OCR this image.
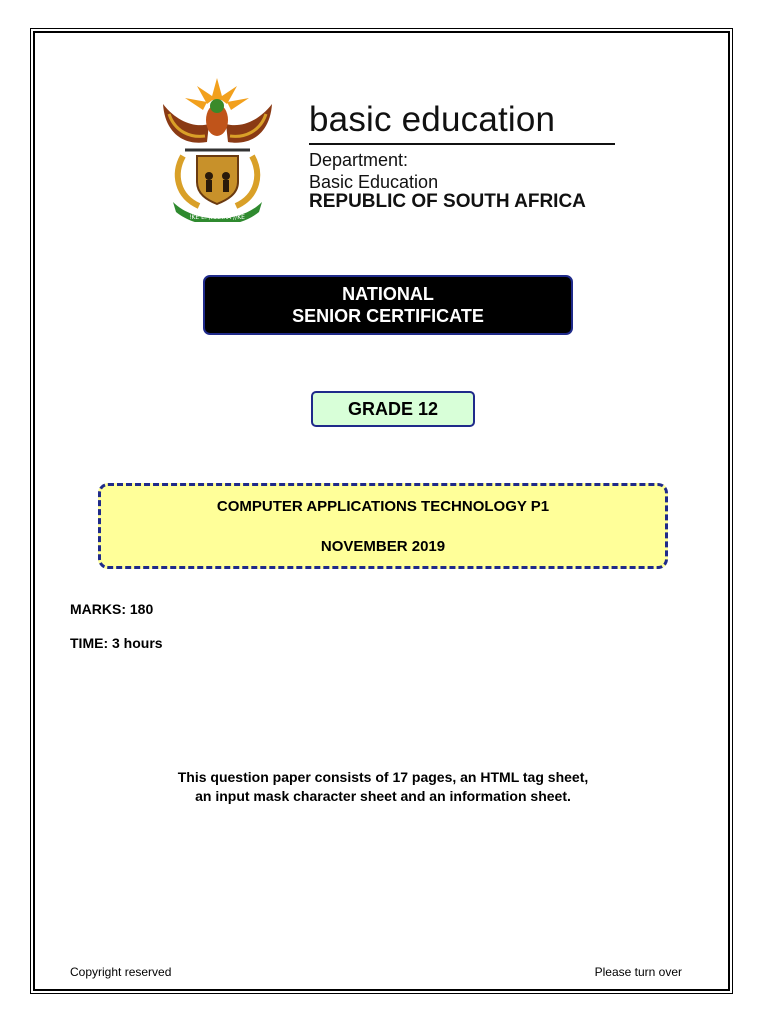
!KE E: /XARRA //KE
basic education
Department:
Basic Education
REPUBLIC OF SOUTH AFRICA
NATIONAL
SENIOR CERTIFICATE
GRADE 12
COMPUTER APPLICATIONS TECHNOLOGY P1
NOVEMBER 2019
MARKS: 180
TIME: 3 hours
This question paper consists of 17 pages, an HTML tag sheet,
an input mask character sheet and an information sheet.
Copyright reserved	Please turn over
